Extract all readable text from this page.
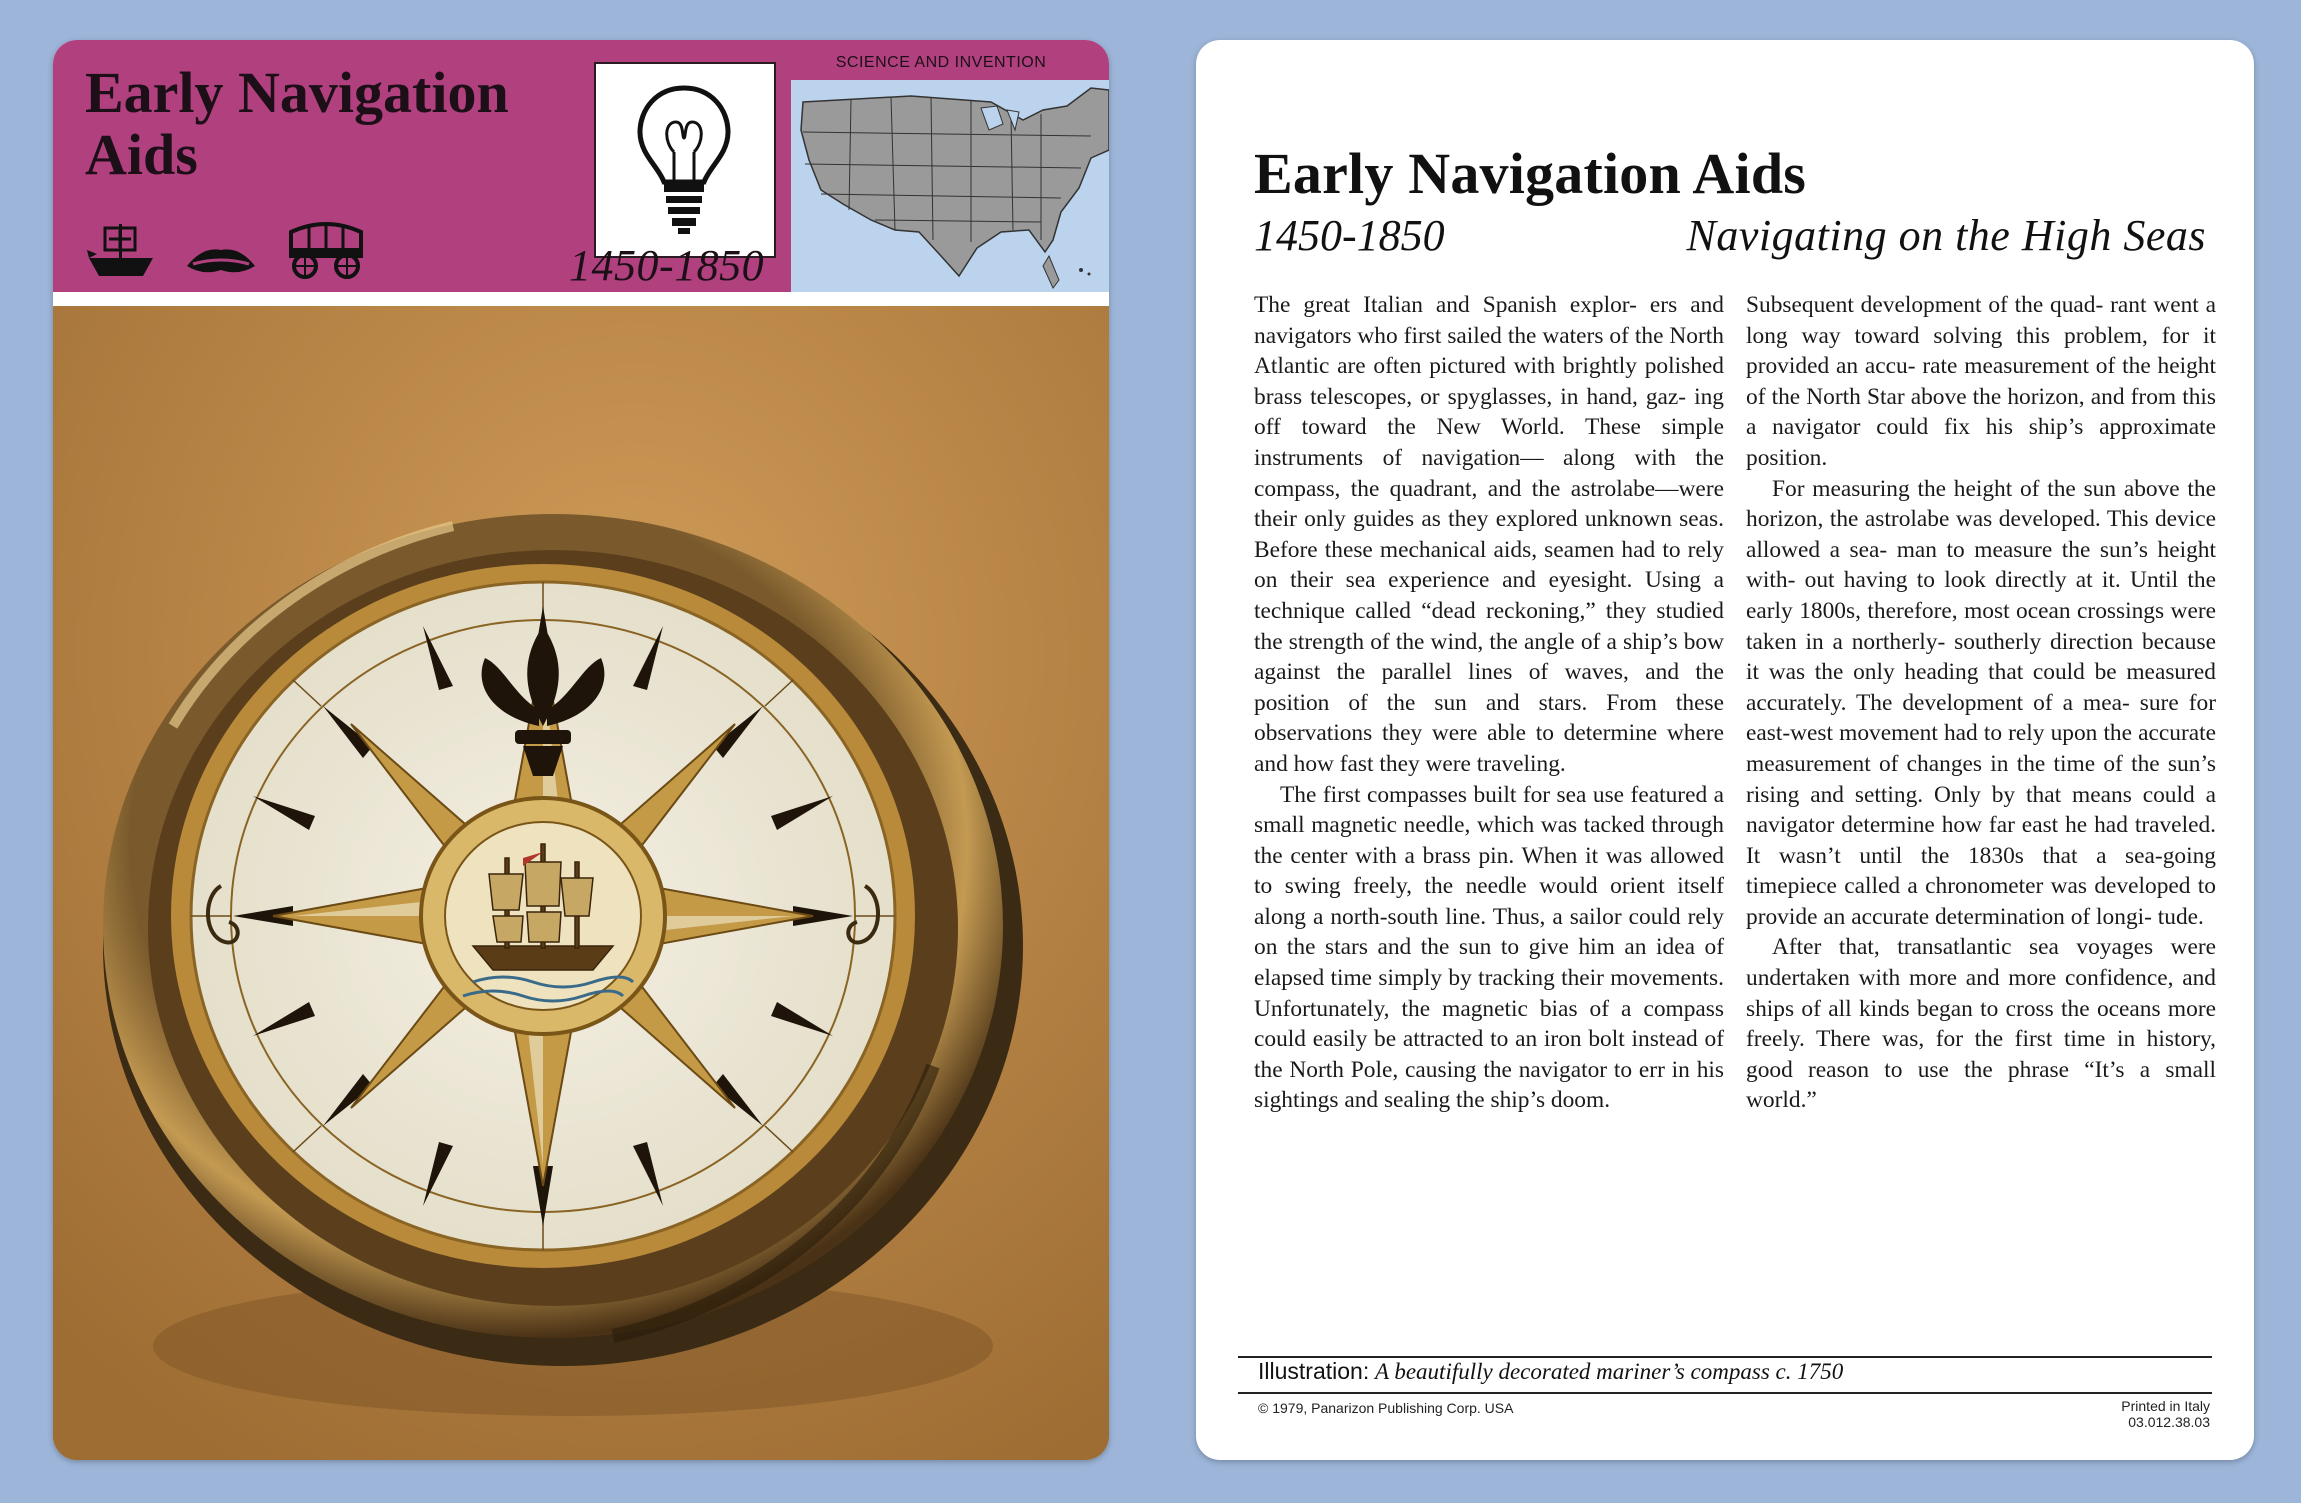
Early Navigation
Aids
1450-1850
SCIENCE AND INVENTION
Early Navigation Aids
1450-1850	Navigating on the High Seas

The great Italian and Spanish explor- ers and navigators who first sailed the waters of the North Atlantic are often pictured with brightly polished brass telescopes, or spyglasses, in hand, gaz- ing off toward the New World. These simple instruments of navigation— along with the compass, the quadrant, and the astrolabe—were their only guides as they explored unknown seas. Before these mechanical aids, seamen had to rely on their sea experience and eyesight. Using a technique called “dead reckoning,” they studied the strength of the wind, the angle of a ship’s bow against the parallel lines of waves, and the position of the sun and stars. From these observations they were able to determine where and how fast they were traveling.

The first compasses built for sea use featured a small magnetic needle, which was tacked through the center with a brass pin. When it was allowed to swing freely, the needle would orient itself along a north-south line. Thus, a sailor could rely on the stars and the sun to give him an idea of elapsed time simply by tracking their movements. Unfortunately, the magnetic bias of a compass could easily be attracted to an iron bolt instead of the North Pole, causing the navigator to err in his sightings and sealing the ship’s doom.

Subsequent development of the quad- rant went a long way toward solving this problem, for it provided an accu- rate measurement of the height of the North Star above the horizon, and from this a navigator could fix his ship’s approximate position.

For measuring the height of the sun above the horizon, the astrolabe was developed. This device allowed a sea- man to measure the sun’s height with- out having to look directly at it. Until the early 1800s, therefore, most ocean crossings were taken in a northerly- southerly direction because it was the only heading that could be measured accurately. The development of a mea- sure for east-west movement had to rely upon the accurate measurement of changes in the time of the sun’s rising and setting. Only by that means could a navigator determine how far east he had traveled. It wasn’t until the 1830s that a sea-going timepiece called a chronometer was developed to provide an accurate determination of longi- tude.

After that, transatlantic sea voyages were undertaken with more and more confidence, and ships of all kinds began to cross the oceans more freely. There was, for the first time in history, good reason to use the phrase “It’s a small world.”

Illustration: A beautifully decorated mariner’s compass c. 1750
© 1979, Panarizon Publishing Corp. USA	Printed in Italy
03.012.38.03
